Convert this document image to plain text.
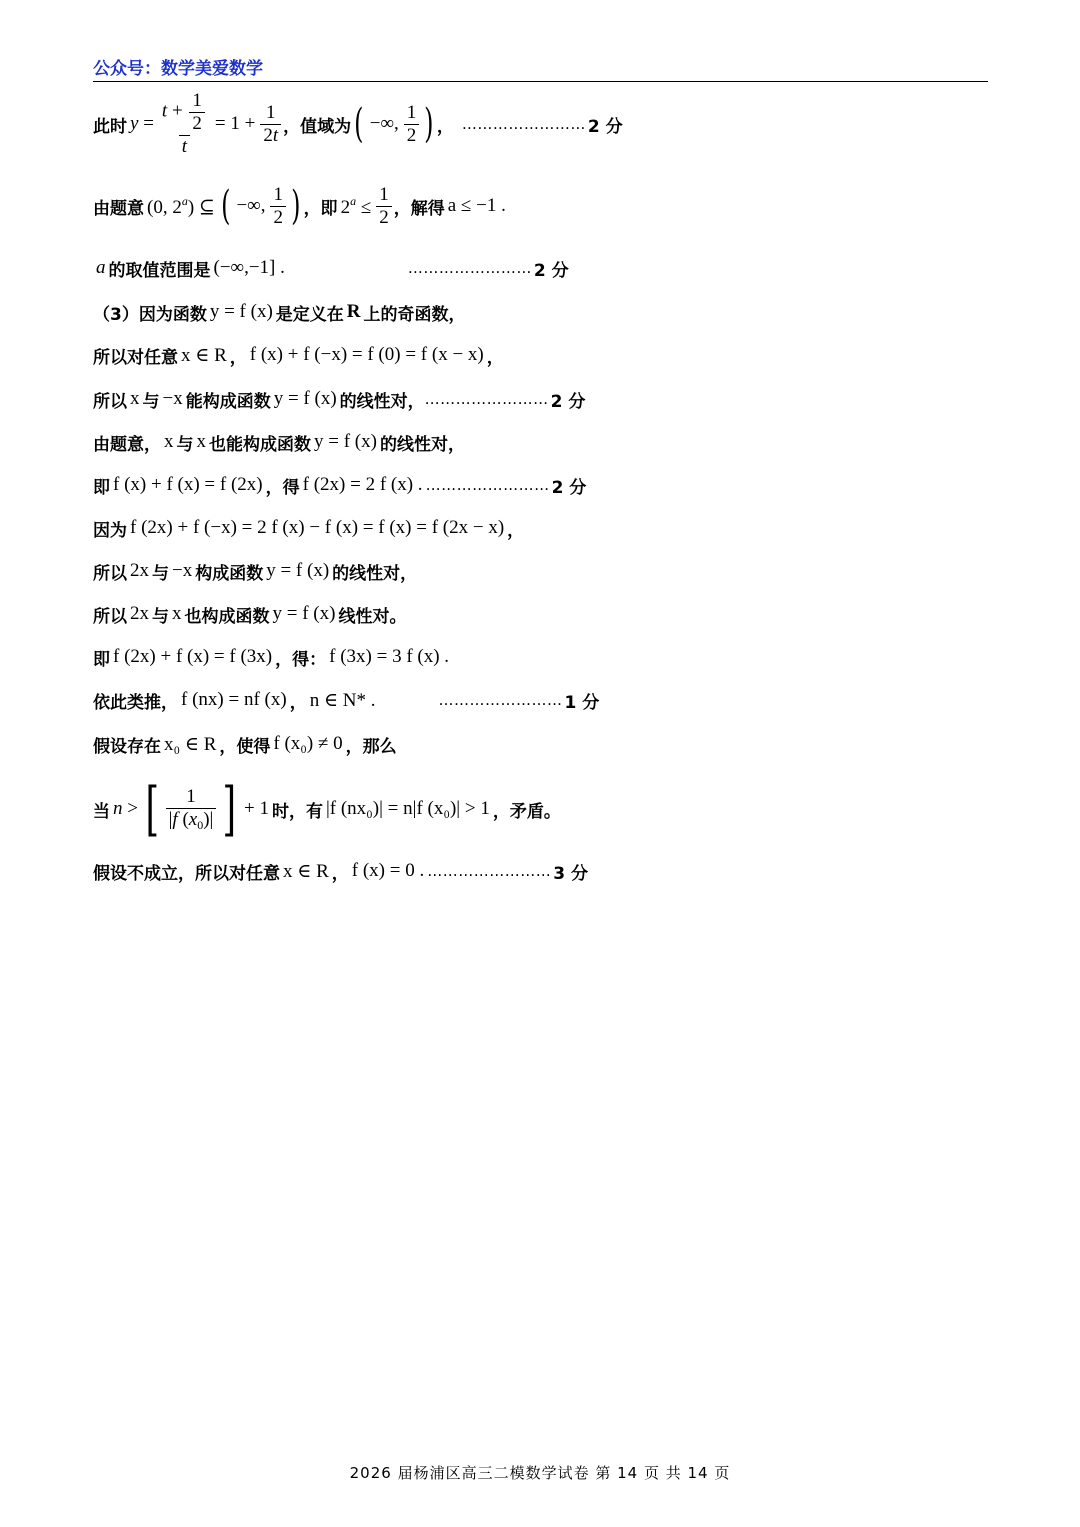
公众号：数学美爱数学
此时 $y = \frac{t + \frac{1}{2}}{t} = 1 + \frac{1}{2t}$ ，值域为 ( −∞, $\frac{1}{2}$ ) ， …………………… 2 分
由题意 (0, 2$^a$) ⊆ ( −∞, $\frac{1}{2}$ ) ，即 $2^a \le \frac{1}{2}$ ，解得 a ≤ −1 .
a 的取值范围是 (−∞,−1] .	…………………… 2 分
（3）因为函数 y = f (x) 是定义在 R 上的奇函数，
所以对任意 x ∈ R ， f (x) + f (−x) = f (0) = f (x − x) ，
所以 x 与 −x 能构成函数 y = f (x) 的线性对， …………………… 2 分
由题意， x 与 x 也能构成函数 y = f (x) 的线性对，
即 f (x) + f (x) = f (2x) ，得 f (2x) = 2 f (x) . …………………… 2 分
因为 f (2x) + f (−x) = 2 f (x) − f (x) = f (x) = f (2x − x) ，
所以 2x 与 −x 构成函数 y = f (x) 的线性对，
所以 2x 与 x 也构成函数 y = f (x) 线性对。
即 f (2x) + f (x) = f (3x) ，得： f (3x) = 3 f (x) .
依此类推， f (nx) = nf (x) ， n ∈ N* .	…………………… 1 分
假设存在 x₀ ∈ R ，使得 f (x₀) ≠ 0 ，那么
当 n > [ $\frac{1}{|f (x_0)|}$ ] + 1 时，有 |f (nx₀)| = n|f (x₀)| > 1 ，矛盾。
假设不成立，所以对任意 x ∈ R ， f (x) = 0 . …………………… 3 分
2026 届杨浦区高三二模数学试卷 第 14 页 共 14 页
